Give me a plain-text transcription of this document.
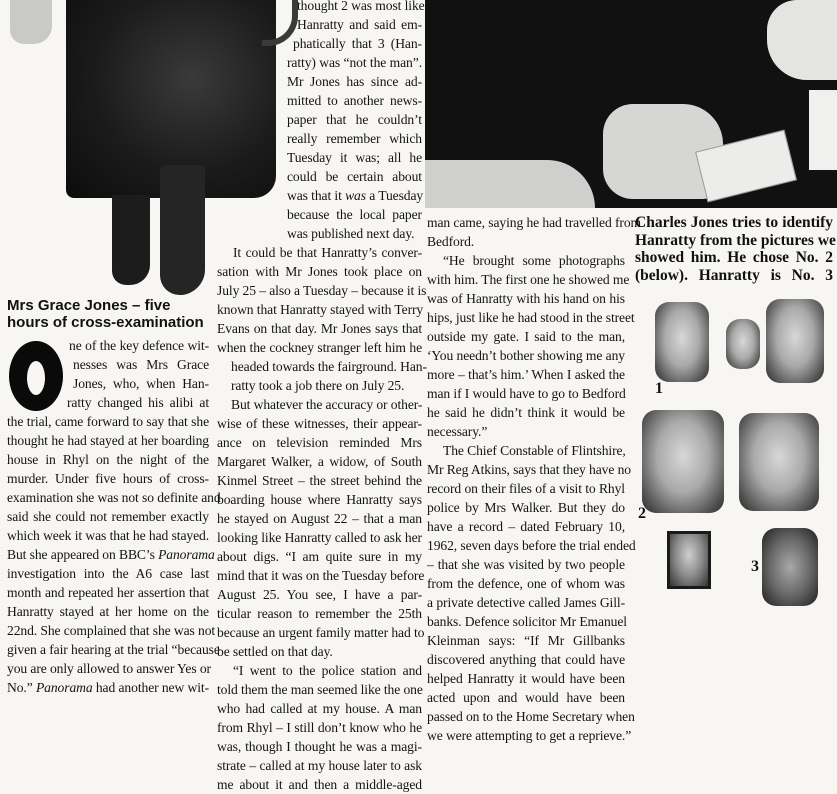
Mrs Grace Jones – five
hours of cross-examination
ne of the key defence wit-
nesses was Mrs Grace
Jones, who, when Han-
ratty changed his alibi at
the trial, came forward to say that she
thought he had stayed at her boarding
house in Rhyl on the night of the
murder. Under five hours of cross-
examination she was not so definite and
said she could not remember exactly
which week it was that he had stayed.
But she appeared on BBC’s Panorama
investigation into the A6 case last
month and repeated her assertion that
Hanratty stayed at her home on the
22nd. She complained that she was not
given a fair hearing at the trial “because
you are only allowed to answer Yes or
No.” Panorama had another new wit-
thought 2 was most like
Hanratty and said em-
phatically that 3 (Han-
ratty) was “not the man”.
Mr Jones has since ad-
mitted to another news-
paper that he couldn’t
really remember which
Tuesday it was; all he
could be certain about
was that it was a Tuesday
because the local paper
was published next day.
It could be that Hanratty’s conver-
sation with Mr Jones took place on
July 25 – also a Tuesday – because it is
known that Hanratty stayed with Terry
Evans on that day. Mr Jones says that
when the cockney stranger left him he
headed towards the fairground. Han-
ratty took a job there on July 25.
But whatever the accuracy or other-
wise of these witnesses, their appear-
ance on television reminded Mrs
Margaret Walker, a widow, of South
Kinmel Street – the street behind the
boarding house where Hanratty says
he stayed on August 22 – that a man
looking like Hanratty called to ask her
about digs. “I am quite sure in my
mind that it was on the Tuesday before
August 25. You see, I have a par-
ticular reason to remember the 25th
because an urgent family matter had to
be settled on that day.
“I went to the police station and
told them the man seemed like the one
who had called at my house. A man
from Rhyl – I still don’t know who he
was, though I thought he was a magi-
strate – called at my house later to ask
me about it and then a middle-aged
man came, saying he had travelled from
Bedford.
“He brought some photographs
with him. The first one he showed me
was of Hanratty with his hand on his
hips, just like he had stood in the street
outside my gate. I said to the man,
‘You needn’t bother showing me any
more – that’s him.’ When I asked the
man if I would have to go to Bedford
he said he didn’t think it would be
necessary.”
The Chief Constable of Flintshire,
Mr Reg Atkins, says that they have no
record on their files of a visit to Rhyl
police by Mrs Walker. But they do
have a record – dated February 10,
1962, seven days before the trial ended
– that she was visited by two people
from the defence, one of whom was
a private detective called James Gill-
banks. Defence solicitor Mr Emanuel
Kleinman says: “If Mr Gillbanks
discovered anything that could have
helped Hanratty it would have been
acted upon and would have been
passed on to the Home Secretary when
we were attempting to get a reprieve.”
Charles Jones tries to identify
Hanratty from the pictures we
showed him. He chose No. 2
(below). Hanratty is No. 3
1
2
3
